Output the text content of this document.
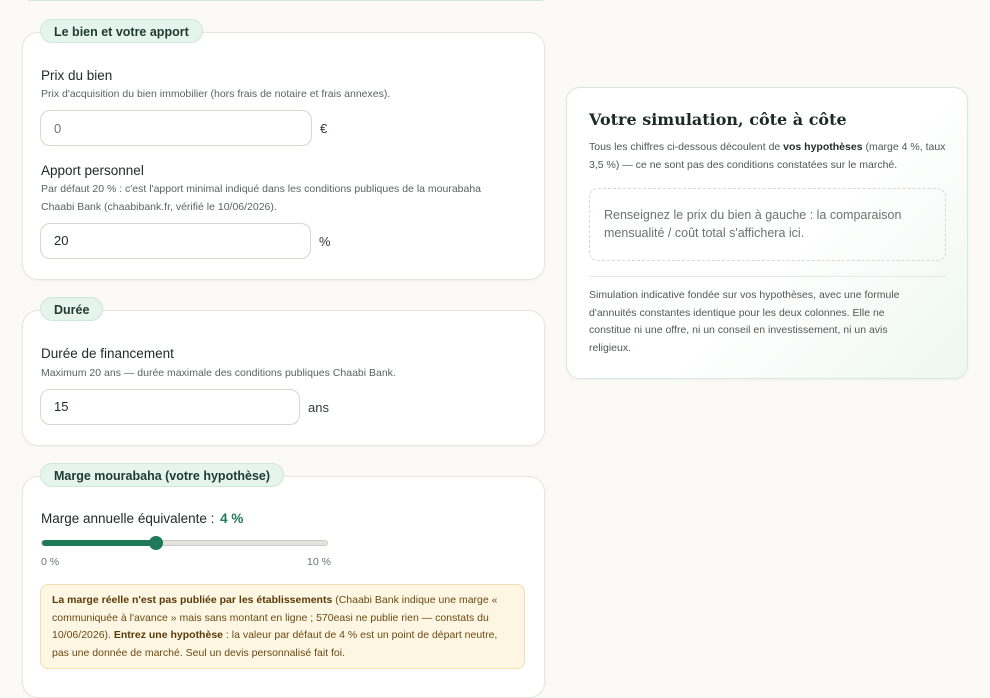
Le bien et votre apport
Prix du bien
Prix d'acquisition du bien immobilier (hors frais de notaire et frais annexes).
0
€
Apport personnel
Par défaut 20 % : c'est l'apport minimal indiqué dans les conditions publiques de la mourabaha
Chaabi Bank (chaabibank.fr, vérifié le 10/06/2026).
20	%
Durée
Durée de financement
Maximum 20 ans — durée maximale des conditions publiques Chaabi Bank.
15	ans
Marge mourabaha (votre hypothèse)
Marge annuelle équivalente : 4 %
0 %	10 %
La marge réelle n'est pas publiée par les établissements (Chaabi Bank indique une marge « communiquée à l'avance » mais sans montant en ligne ; 570easi ne publie rien — constats du 10/06/2026). Entrez une hypothèse : la valeur par défaut de 4 % est un point de départ neutre, pas une donnée de marché. Seul un devis personnalisé fait foi.
Votre simulation, côte à côte
Tous les chiffres ci-dessous découlent de vos hypothèses (marge 4 %, taux 3,5 %) — ce ne sont pas des conditions constatées sur le marché.
Renseignez le prix du bien à gauche : la comparaison mensualité / coût total s'affichera ici.
Simulation indicative fondée sur vos hypothèses, avec une formule d'annuités constantes identique pour les deux colonnes. Elle ne constitue ni une offre, ni un conseil en investissement, ni un avis religieux.
